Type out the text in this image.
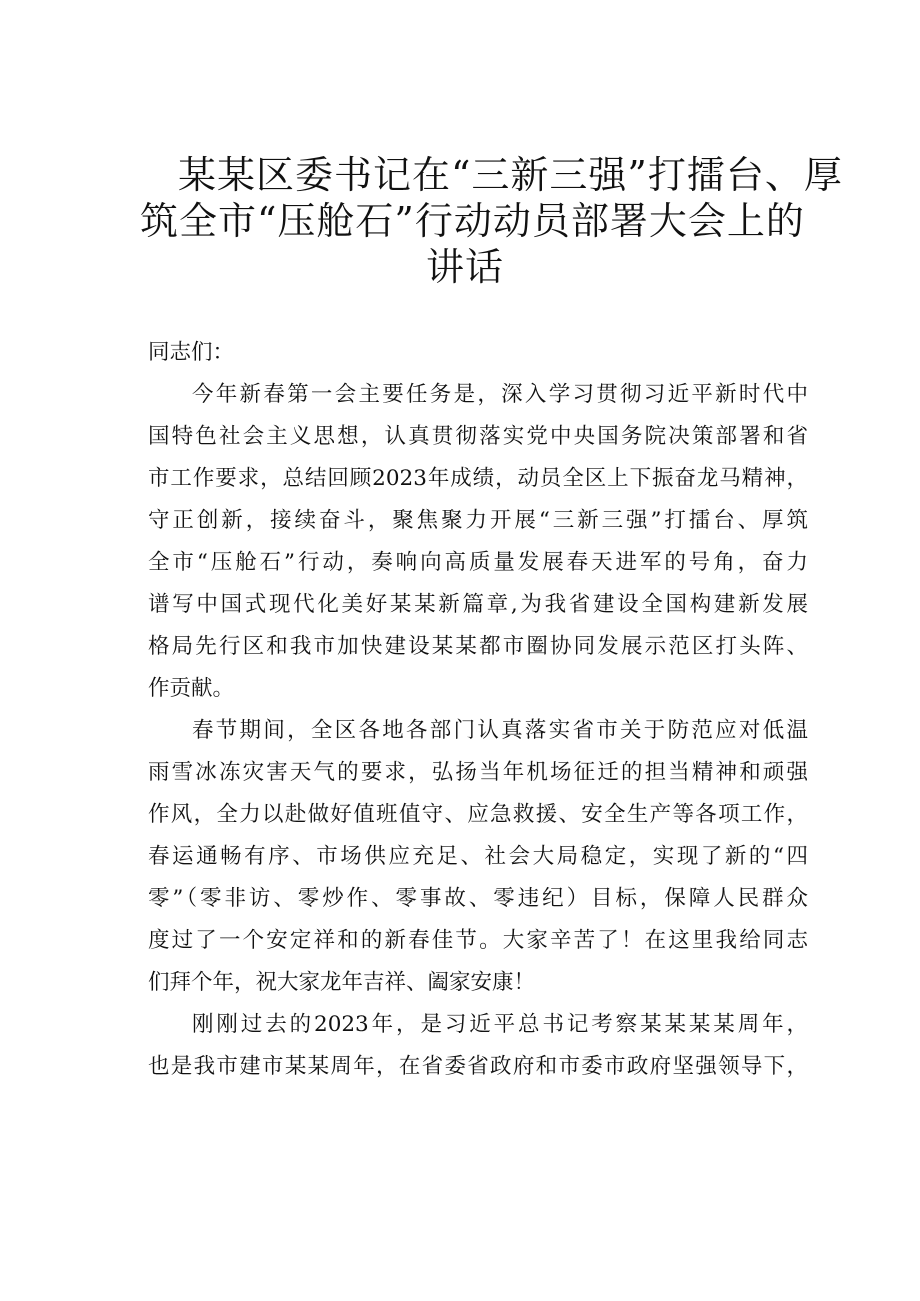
某某区委书记在“三新三强”打擂台、厚
筑全市“压舱石”行动动员部署大会上的
讲话

同志们：

今年新春第一会主要任务是，深入学习贯彻习近平新时代中
国特色社会主义思想，认真贯彻落实党中央国务院决策部署和省
市工作要求，总结回顾2023年成绩，动员全区上下振奋龙马精神，
守正创新，接续奋斗，聚焦聚力开展“三新三强”打擂台、厚筑
全市“压舱石”行动，奏响向高质量发展春天进军的号角，奋力
谱写中国式现代化美好某某新篇章,为我省建设全国构建新发展
格局先行区和我市加快建设某某都市圈协同发展示范区打头阵、
作贡献。

春节期间，全区各地各部门认真落实省市关于防范应对低温
雨雪冰冻灾害天气的要求，弘扬当年机场征迁的担当精神和顽强
作风，全力以赴做好值班值守、应急救援、安全生产等各项工作，
春运通畅有序、市场供应充足、社会大局稳定，实现了新的“四
零”（零非访、零炒作、零事故、零违纪）目标，保障人民群众
度过了一个安定祥和的新春佳节。大家辛苦了！在这里我给同志
们拜个年，祝大家龙年吉祥、阖家安康！

刚刚过去的2023年，是习近平总书记考察某某某某周年，
也是我市建市某某周年，在省委省政府和市委市政府坚强领导下，
